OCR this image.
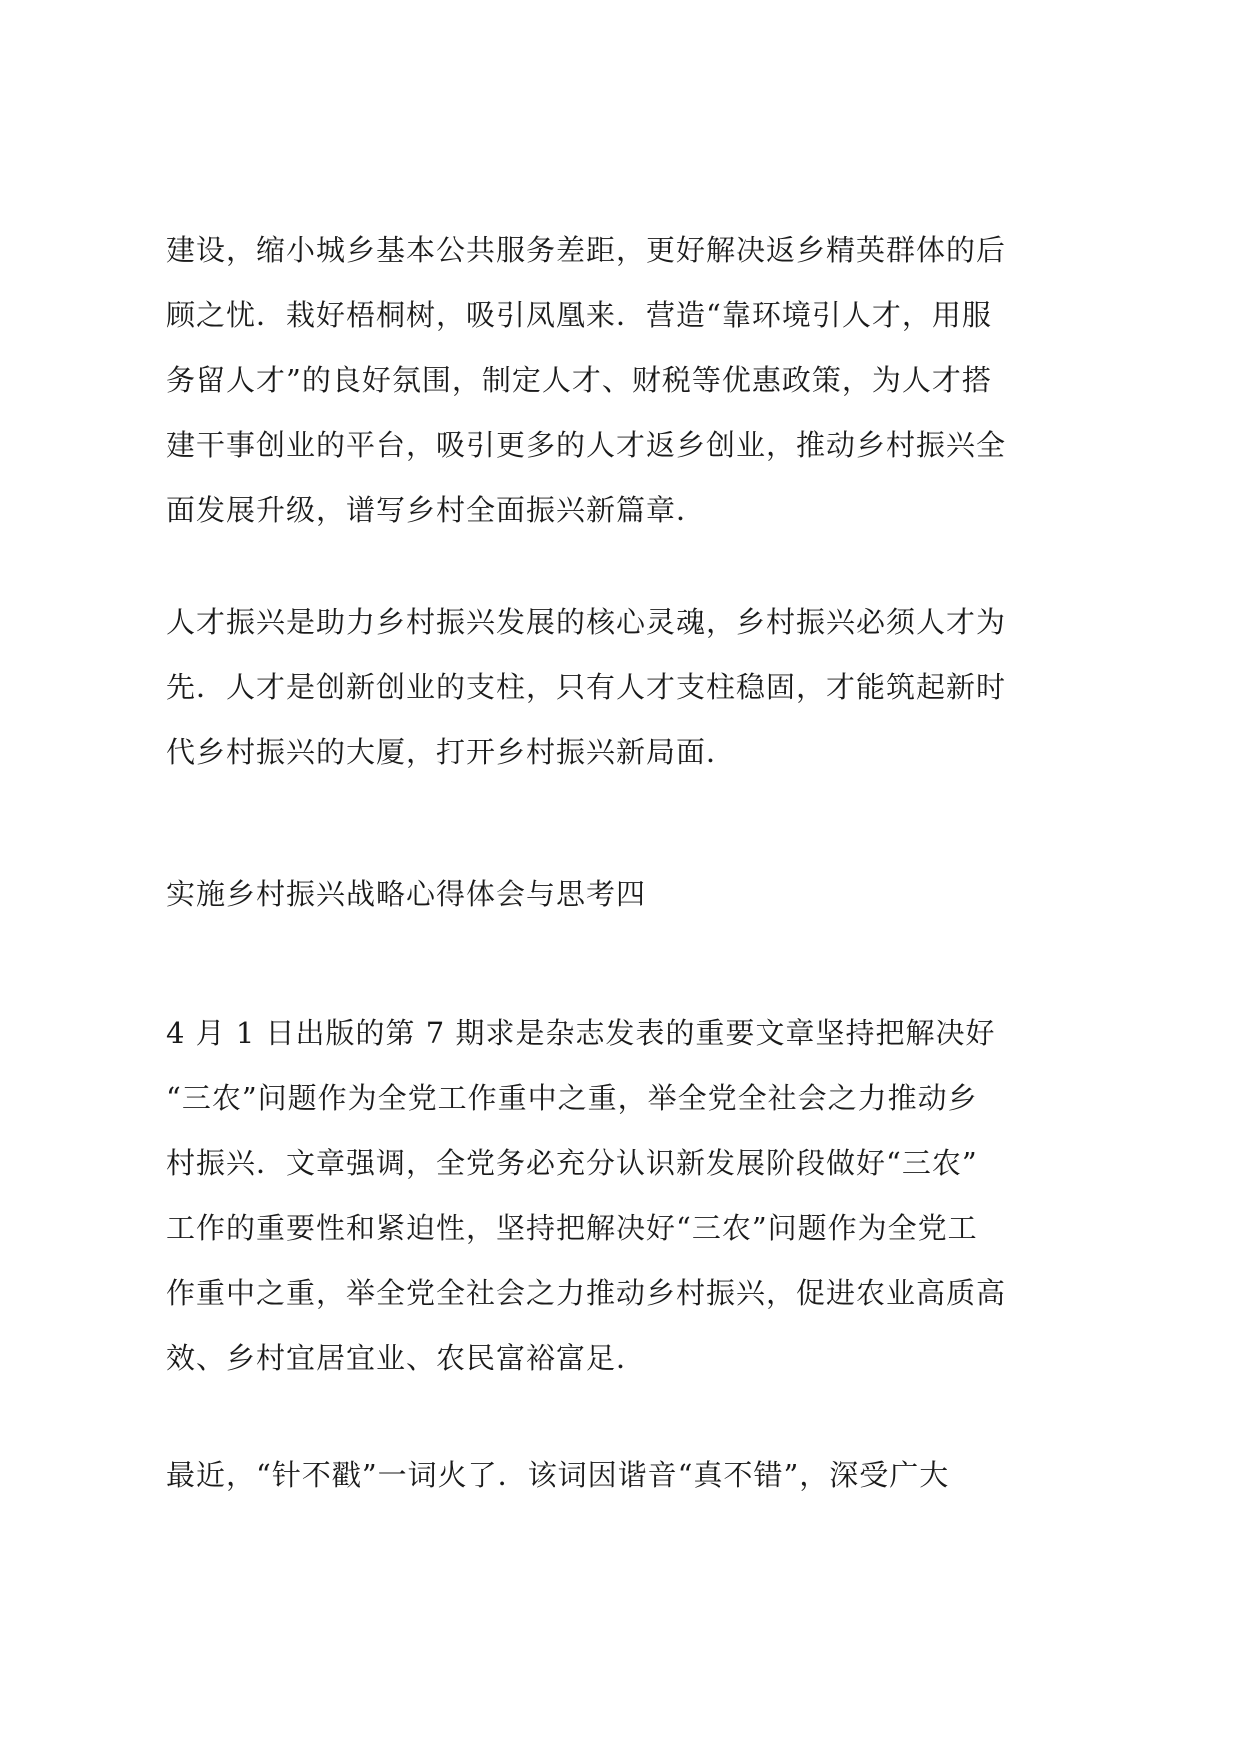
建设，缩小城乡基本公共服务差距，更好解决返乡精英群体的后
顾之忧．栽好梧桐树，吸引凤凰来．营造“靠环境引人才，用服
务留人才”的良好氛围，制定人才、财税等优惠政策，为人才搭
建干事创业的平台，吸引更多的人才返乡创业，推动乡村振兴全
面发展升级，谱写乡村全面振兴新篇章．

人才振兴是助力乡村振兴发展的核心灵魂，乡村振兴必须人才为
先．人才是创新创业的支柱，只有人才支柱稳固，才能筑起新时
代乡村振兴的大厦，打开乡村振兴新局面．

实施乡村振兴战略心得体会与思考四

4 月 1 日出版的第 7 期求是杂志发表的重要文章坚持把解决好
“三农”问题作为全党工作重中之重，举全党全社会之力推动乡
村振兴．文章强调，全党务必充分认识新发展阶段做好“三农”
工作的重要性和紧迫性，坚持把解决好“三农”问题作为全党工
作重中之重，举全党全社会之力推动乡村振兴，促进农业高质高
效、乡村宜居宜业、农民富裕富足．

最近，“针不戳”一词火了．该词因谐音“真不错”，深受广大
